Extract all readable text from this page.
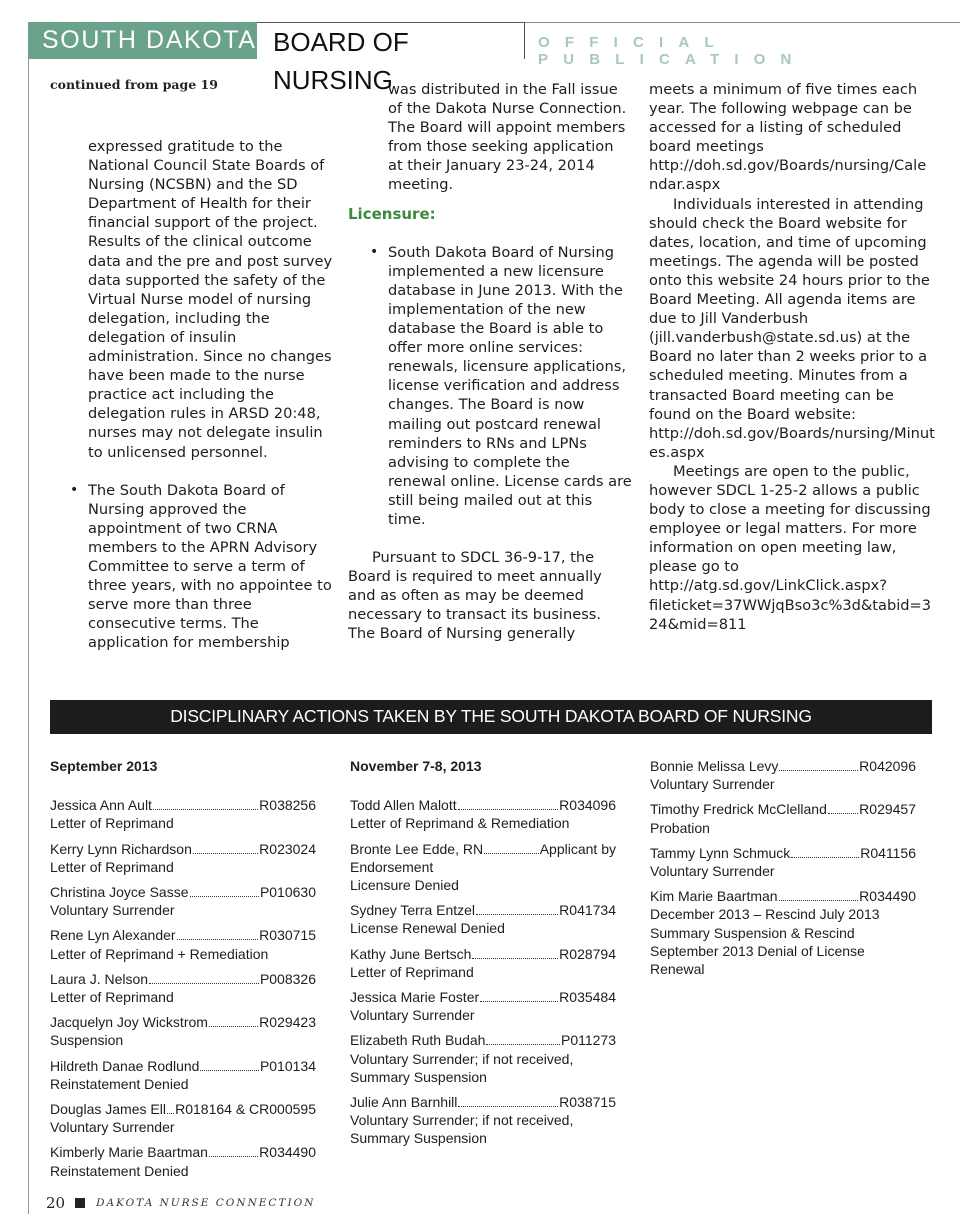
SOUTH DAKOTA BOARD OF NURSING
OFFICIAL PUBLICATION
continued from page 19

expressed gratitude to the National Council State Boards of Nursing (NCSBN) and the SD Department of Health for their financial support of the project. Results of the clinical outcome data and the pre and post survey data supported the safety of the Virtual Nurse model of nursing delegation, including the delegation of insulin administration. Since no changes have been made to the nurse practice act including the delegation rules in ARSD 20:48, nurses may not delegate insulin to unlicensed personnel.

• The South Dakota Board of Nursing approved the appointment of two CRNA members to the APRN Advisory Committee to serve a term of three years, with no appointee to serve more than three consecutive terms. The application for membership

was distributed in the Fall issue of the Dakota Nurse Connection. The Board will appoint members from those seeking application at their January 23-24, 2014 meeting.

Licensure:

• South Dakota Board of Nursing implemented a new licensure database in June 2013. With the implementation of the new database the Board is able to offer more online services: renewals, licensure applications, license verification and address changes. The Board is now mailing out postcard renewal reminders to RNs and LPNs advising to complete the renewal online. License cards are still being mailed out at this time.

Pursuant to SDCL 36-9-17, the Board is required to meet annually and as often as may be deemed necessary to transact its business. The Board of Nursing generally

meets a minimum of five times each year. The following webpage can be accessed for a listing of scheduled board meetings http://doh.sd.gov/Boards/nursing/Calendar.aspx

Individuals interested in attending should check the Board website for dates, location, and time of upcoming meetings. The agenda will be posted onto this website 24 hours prior to the Board Meeting. All agenda items are due to Jill Vanderbush (jill.vanderbush@state.sd.us) at the Board no later than 2 weeks prior to a scheduled meeting. Minutes from a transacted Board meeting can be found on the Board website: http://doh.sd.gov/Boards/nursing/Minutes.aspx

Meetings are open to the public, however SDCL 1-25-2 allows a public body to close a meeting for discussing employee or legal matters. For more information on open meeting law, please go to http://atg.sd.gov/LinkClick.aspx?fileticket=37WWjqBso3c%3d&tabid=324&mid=811

DISCIPLINARY ACTIONS TAKEN BY THE SOUTH DAKOTA BOARD OF NURSING
September 2013
Jessica Ann Ault	R038256
Letter of Reprimand
Kerry Lynn Richardson	R023024
Letter of Reprimand
Christina Joyce Sasse	P010630
Voluntary Surrender
Rene Lyn Alexander	R030715
Letter of Reprimand + Remediation
Laura J. Nelson	P008326
Letter of Reprimand
Jacquelyn Joy Wickstrom	R029423
Suspension
Hildreth Danae Rodlund	P010134
Reinstatement Denied
Douglas James Ell R018164 & CR000595
Voluntary Surrender
Kimberly Marie Baartman	R034490
Reinstatement Denied
November 7-8, 2013
Todd Allen Malott	R034096
Letter of Reprimand & Remediation
Bronte Lee Edde, RN	Applicant by
Endorsement
Licensure Denied
Sydney Terra Entzel	R041734
License Renewal Denied
Kathy June Bertsch	R028794
Letter of Reprimand
Jessica Marie Foster	R035484
Voluntary Surrender
Elizabeth Ruth Budah	P011273
Voluntary Surrender; if not received, Summary Suspension
Julie Ann Barnhill	R038715
Voluntary Surrender; if not received, Summary Suspension
Bonnie Melissa Levy	R042096
Voluntary Surrender
Timothy Fredrick McClelland R029457
Probation
Tammy Lynn Schmuck	R041156
Voluntary Surrender
Kim Marie Baartman	R034490
December 2013 – Rescind July 2013 Summary Suspension & Rescind September 2013 Denial of License Renewal
20	DAKOTA NURSE CONNECTION
